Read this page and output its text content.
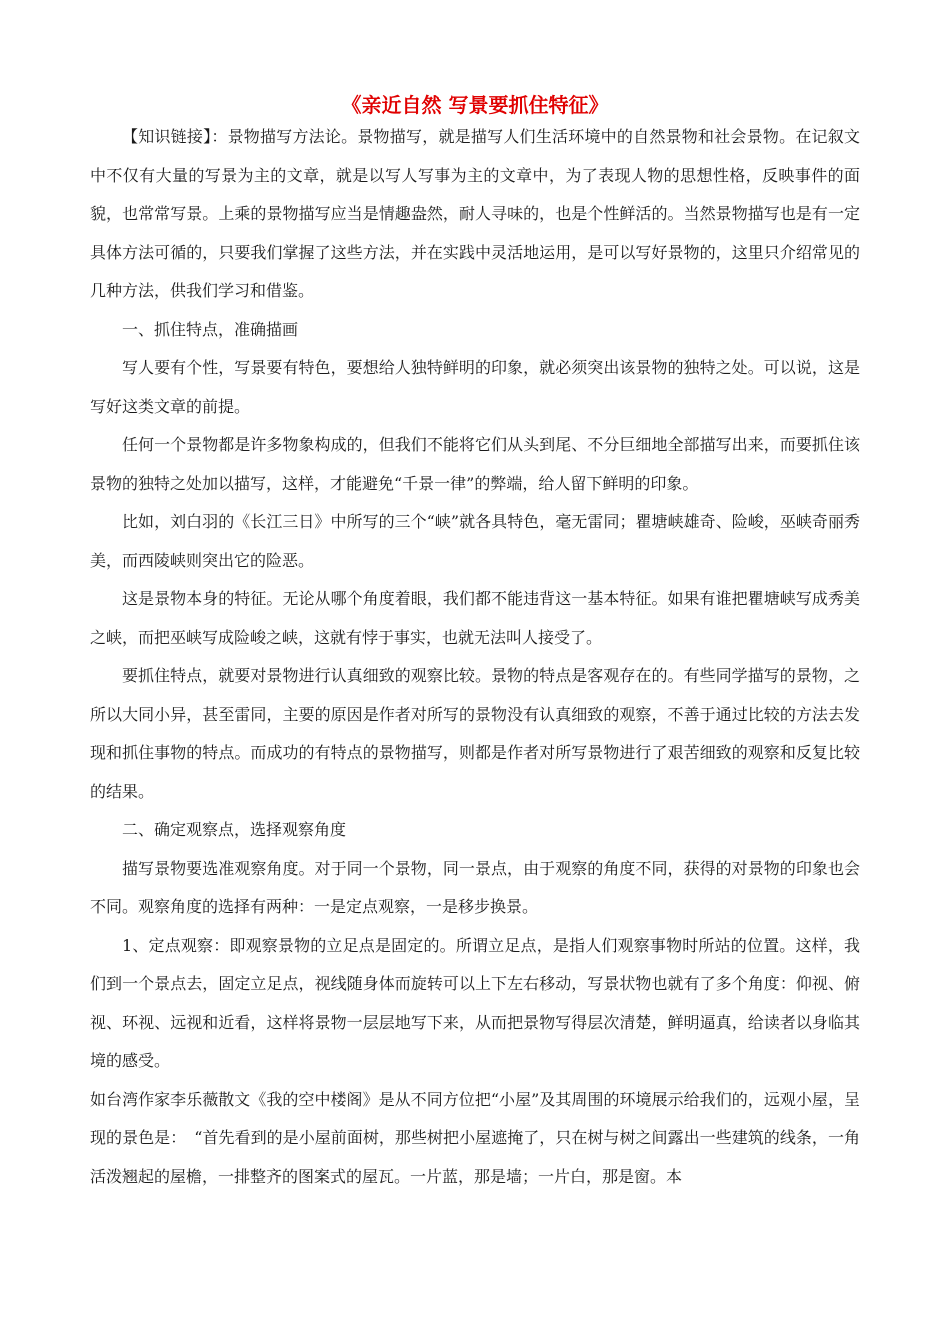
《亲近自然 写景要抓住特征》

【知识链接】：景物描写方法论。景物描写，就是描写人们生活环境中的自然景物和社会景物。在记叙文中不仅有大量的写景为主的文章，就是以写人写事为主的文章中，为了表现人物的思想性格，反映事件的面貌，也常常写景。上乘的景物描写应当是情趣盎然，耐人寻味的，也是个性鲜活的。当然景物描写也是有一定具体方法可循的，只要我们掌握了这些方法，并在实践中灵活地运用，是可以写好景物的，这里只介绍常见的几种方法，供我们学习和借鉴。

一、抓住特点，准确描画

写人要有个性，写景要有特色，要想给人独特鲜明的印象，就必须突出该景物的独特之处。可以说，这是写好这类文章的前提。

任何一个景物都是许多物象构成的，但我们不能将它们从头到尾、不分巨细地全部描写出来，而要抓住该景物的独特之处加以描写，这样，才能避免“千景一律”的弊端，给人留下鲜明的印象。

比如，刘白羽的《长江三日》中所写的三个“峡”就各具特色，毫无雷同；瞿塘峡雄奇、险峻，巫峡奇丽秀美，而西陵峡则突出它的险恶。

这是景物本身的特征。无论从哪个角度着眼，我们都不能违背这一基本特征。如果有谁把瞿塘峡写成秀美之峡，而把巫峡写成险峻之峡，这就有悖于事实，也就无法叫人接受了。

要抓住特点，就要对景物进行认真细致的观察比较。景物的特点是客观存在的。有些同学描写的景物，之所以大同小异，甚至雷同，主要的原因是作者对所写的景物没有认真细致的观察，不善于通过比较的方法去发现和抓住事物的特点。而成功的有特点的景物描写，则都是作者对所写景物进行了艰苦细致的观察和反复比较的结果。

二、确定观察点，选择观察角度

描写景物要选准观察角度。对于同一个景物，同一景点，由于观察的角度不同，获得的对景物的印象也会不同。观察角度的选择有两种：一是定点观察，一是移步换景。

1、定点观察：即观察景物的立足点是固定的。所谓立足点，是指人们观察事物时所站的位置。这样，我们到一个景点去，固定立足点，视线随身体而旋转可以上下左右移动，写景状物也就有了多个角度：仰视、俯视、环视、远视和近看，这样将景物一层层地写下来，从而把景物写得层次清楚，鲜明逼真，给读者以身临其境的感受。

如台湾作家李乐薇散文《我的空中楼阁》是从不同方位把“小屋”及其周围的环境展示给我们的，远观小屋，呈现的景色是：　“首先看到的是小屋前面树，那些树把小屋遮掩了，只在树与树之间露出一些建筑的线条，一角活泼翘起的屋檐，一排整齐的图案式的屋瓦。一片蓝，那是墙；一片白，那是窗。本
